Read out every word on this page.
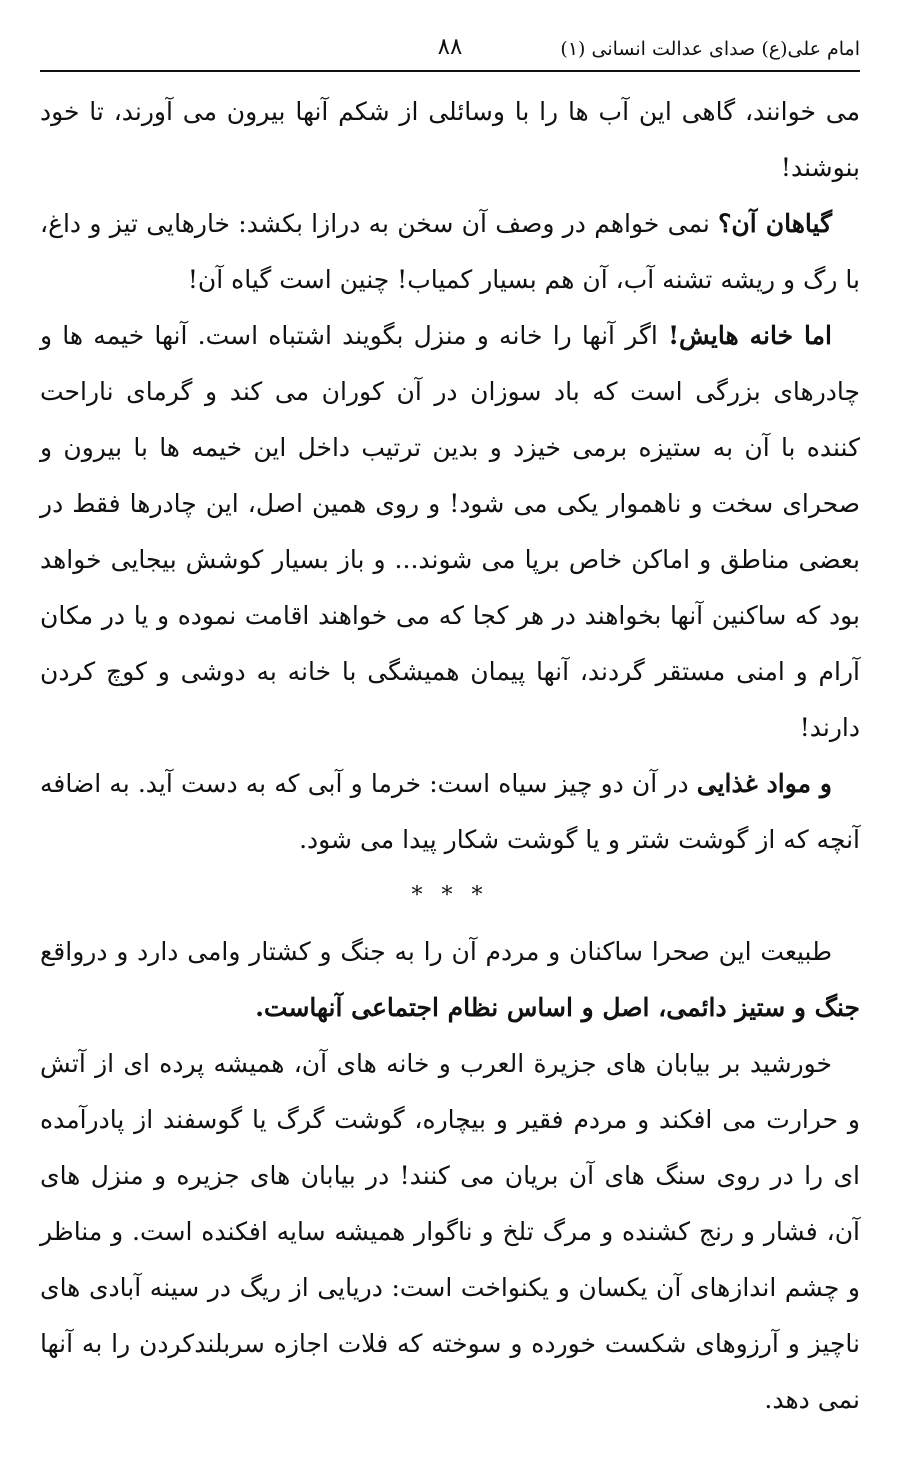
امام علی(ع) صدای عدالت انسانی (۱)
۸۸

می خوانند، گاهی این آب ها را با وسائلی از شکم آنها بیرون می آورند، تا خود بنوشند!

گیاهان آن؟ نمی خواهم در وصف آن سخن به درازا بکشد: خارهایی تیز و داغ، با رگ و ریشه تشنه آب، آن هم بسیار کمیاب! چنین است گیاه آن!

اما خانه هایش! اگر آنها را خانه و منزل بگویند اشتباه است. آنها خیمه ها و چادرهای بزرگی است که باد سوزان در آن کوران می کند و گرمای ناراحت کننده با آن به ستیزه برمی خیزد و بدین ترتیب داخل این خیمه ها با بیرون و صحرای سخت و ناهموار یکی می شود! و روی همین اصل، این چادرها فقط در بعضی مناطق و اماکن خاص برپا می شوند... و باز بسیار کوشش بیجایی خواهد بود که ساکنین آنها بخواهند در هر کجا که می خواهند اقامت نموده و یا در مکان آرام و امنی مستقر گردند، آنها پیمان همیشگی با خانه به دوشی و کوچ کردن دارند!

و مواد غذایی در آن دو چیز سیاه است: خرما و آبی که به دست آید. به اضافه آنچه که از گوشت شتر و یا گوشت شکار پیدا می شود.

* * *

طبیعت این صحرا ساکنان و مردم آن را به جنگ و کشتار وامی دارد و درواقع جنگ و ستیز دائمی، اصل و اساس نظام اجتماعی آنهاست.

خورشید بر بیابان های جزیرة العرب و خانه های آن، همیشه پرده ای از آتش و حرارت می افکند و مردم فقیر و بیچاره، گوشت گرگ یا گوسفند از پادرآمده ای را در روی سنگ های آن بریان می کنند! در بیابان های جزیره و منزل های آن، فشار و رنج کشنده و مرگ تلخ و ناگوار همیشه سایه افکنده است. و مناظر و چشم اندازهای آن یکسان و یکنواخت است: دریایی از ریگ در سینه آبادی های ناچیز و آرزوهای شکست خورده و سوخته که فلات اجازه سربلندکردن را به آنها نمی دهد.
